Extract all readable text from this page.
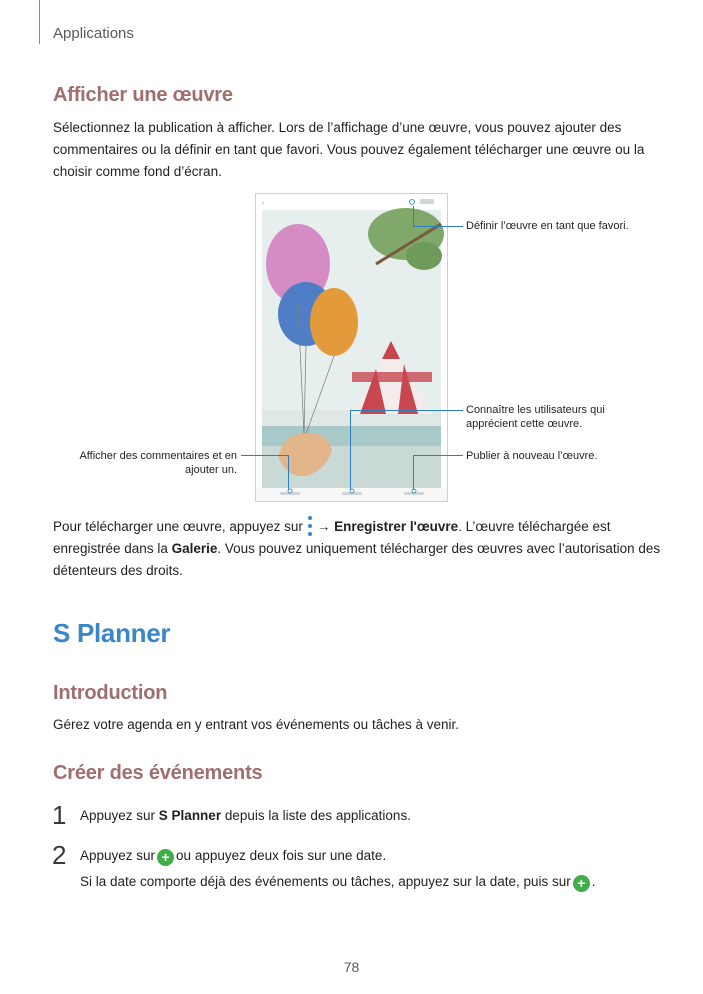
Applications
Afficher une œuvre
Sélectionnez la publication à afficher. Lors de l’affichage d’une œuvre, vous pouvez ajouter des
commentaires ou la définir en tant que favori. Vous pouvez également télécharger une œuvre ou la
choisir comme fond d’écran.
‹
Définir l’œuvre en tant que favori.
Connaître les utilisateurs qui
apprécient cette œuvre.
Afficher des commentaires et en
ajouter un.
Publier à nouveau l’œuvre.
Pour télécharger une œuvre, appuyez sur → Enregistrer l'œuvre. L’œuvre téléchargée est
enregistrée dans la Galerie. Vous pouvez uniquement télécharger des œuvres avec l’autorisation des
détenteurs des droits.
S Planner
Introduction
Gérez votre agenda en y entrant vos événements ou tâches à venir.
Créer des événements
1 Appuyez sur S Planner depuis la liste des applications.
2 Appuyez sur + ou appuyez deux fois sur une date.
Si la date comporte déjà des événements ou tâches, appuyez sur la date, puis sur + .
78
